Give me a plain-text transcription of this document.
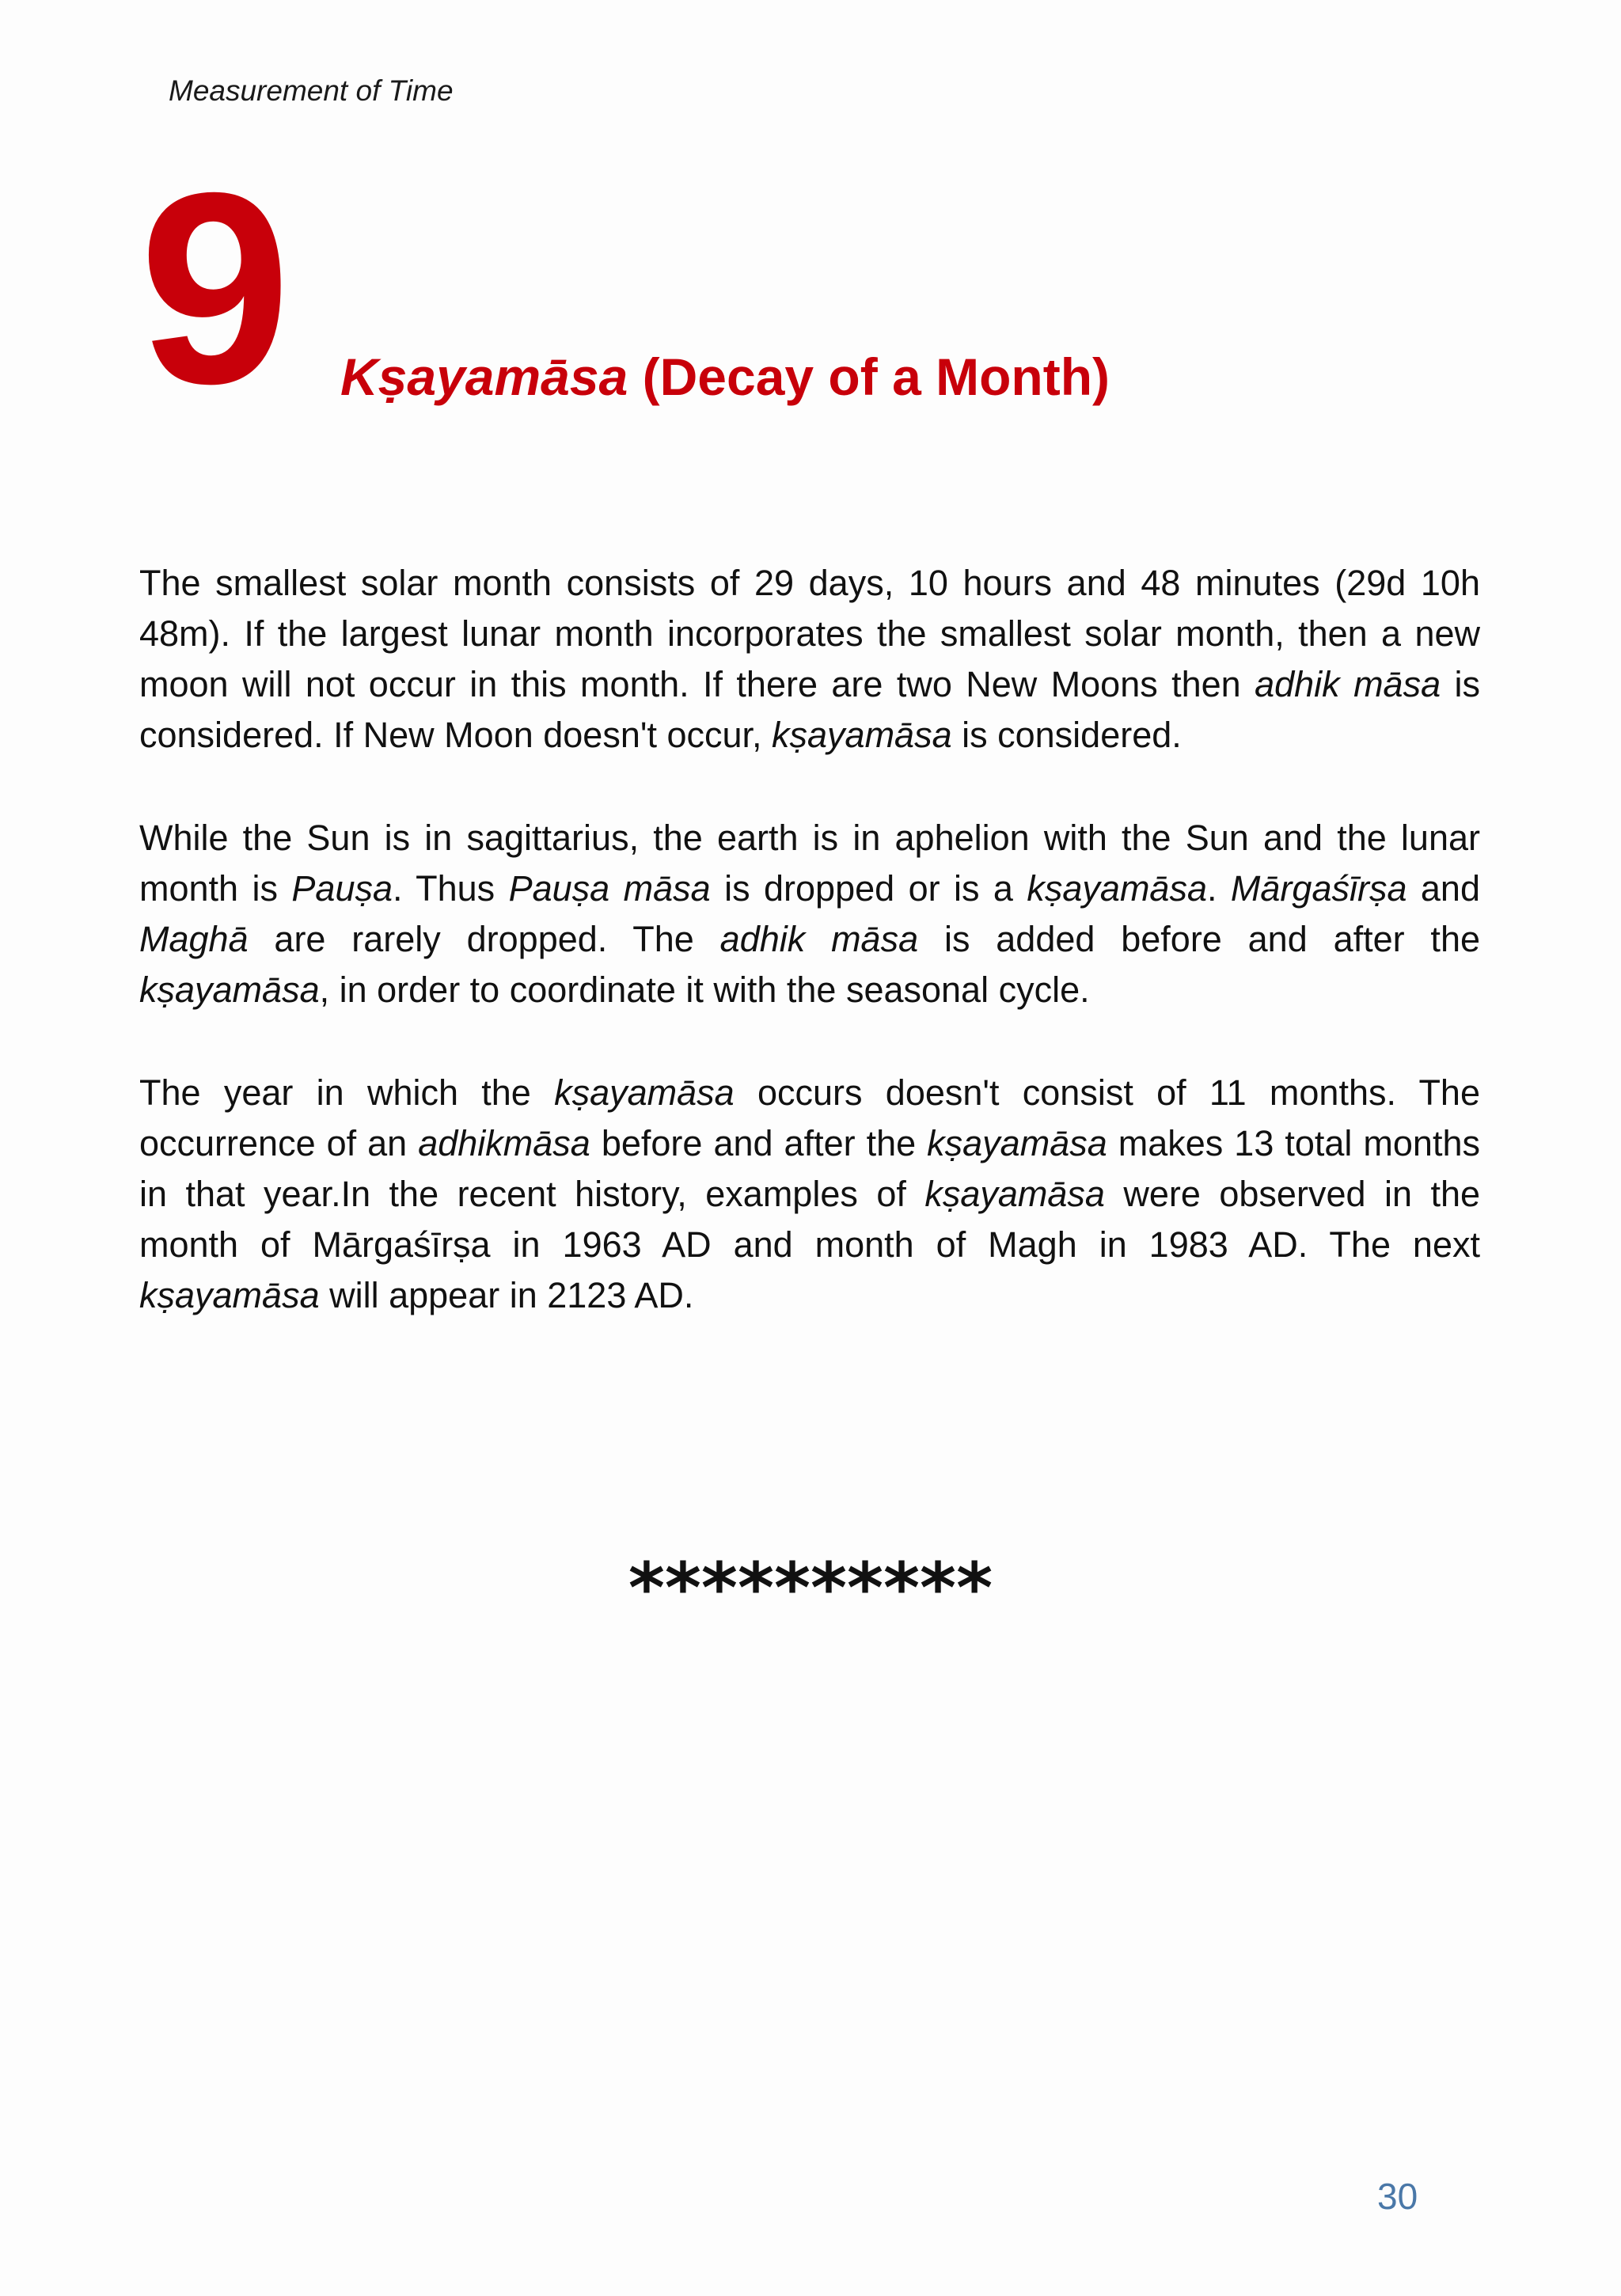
Measurement of Time
9 Kṣayamāsa (Decay of a Month)

The smallest solar month consists of 29 days, 10 hours and 48 minutes (29d 10h 48m). If the largest lunar month incorporates the smallest solar month, then a new moon will not occur in this month. If there are two New Moons then adhik māsa is considered. If New Moon doesn't occur, kṣayamāsa is considered.

While the Sun is in sagittarius, the earth is in aphelion with the Sun and the lunar month is Pauṣa. Thus Pauṣa māsa is dropped or is a kṣayamāsa. Mārgaśīrṣa and Maghā are rarely dropped. The adhik māsa is added before and after the kṣayamāsa, in order to coordinate it with the seasonal cycle.

The year in which the kṣayamāsa occurs doesn't consist of 11 months. The occurrence of an adhikmāsa before and after the kṣayamāsa makes 13 total months in that year.In the recent history, examples of kṣayamāsa were observed in the month of Mārgaśīrṣa in 1963 AD and month of Magh in 1983 AD. The next kṣayamāsa will appear in 2123 AD.

**********
30
